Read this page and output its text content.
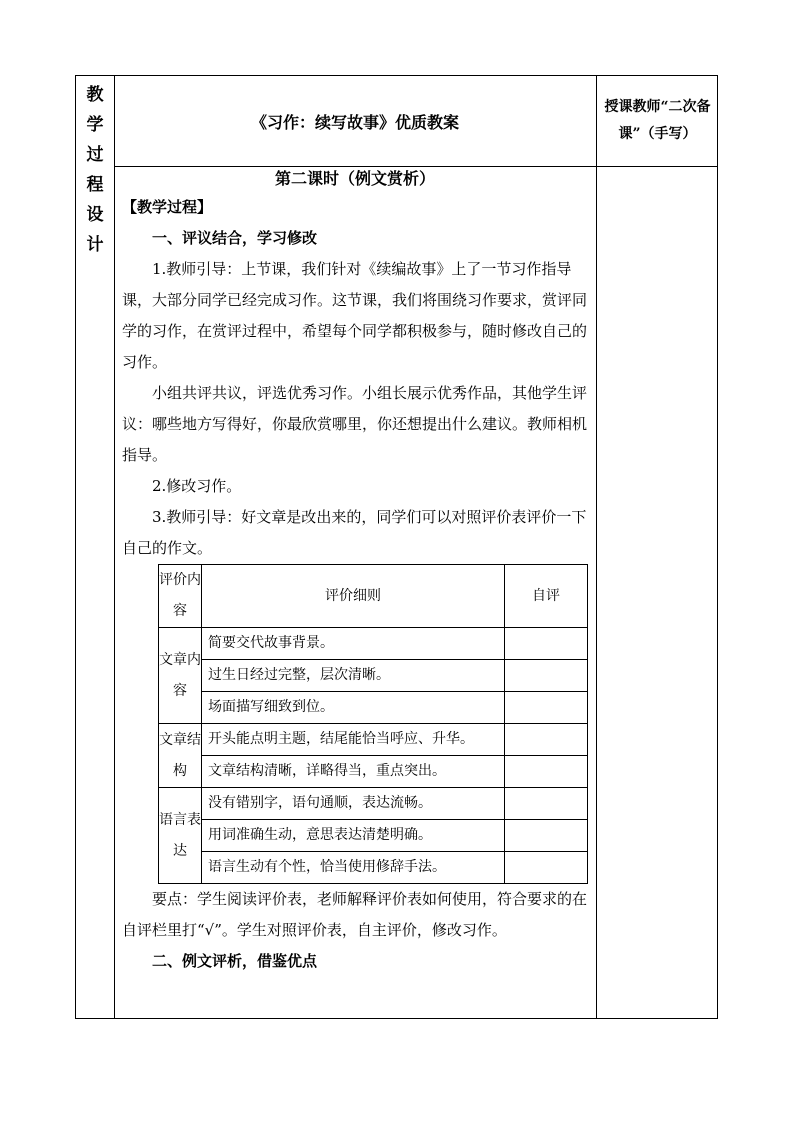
教
学
过
程
设
计
《习作：续写故事》优质教案
授课教师“二次备课”（手写）
第二课时（例文赏析）

【教学过程】

一、评议结合，学习修改

1.教师引导：上节课，我们针对《续编故事》上了一节习作指导课，大部分同学已经完成习作。这节课，我们将围绕习作要求，赏评同学的习作，在赏评过程中，希望每个同学都积极参与，随时修改自己的习作。

小组共评共议，评选优秀习作。小组长展示优秀作品，其他学生评议：哪些地方写得好，你最欣赏哪里，你还想提出什么建议。教师相机指导。

2.修改习作。

3.教师引导：好文章是改出来的，同学们可以对照评价表评价一下自己的作文。

评价内容	评价细则	自评
文章内容	简要交代故事背景。	
	过生日经过完整，层次清晰。	
	场面描写细致到位。	
文章结构	开头能点明主题，结尾能恰当呼应、升华。	
	文章结构清晰，详略得当，重点突出。	
语言表达	没有错别字，语句通顺，表达流畅。	
	用词准确生动，意思表达清楚明确。	
	语言生动有个性，恰当使用修辞手法。	

要点：学生阅读评价表，老师解释评价表如何使用，符合要求的在自评栏里打“√”。学生对照评价表，自主评价，修改习作。

二、例文评析，借鉴优点
